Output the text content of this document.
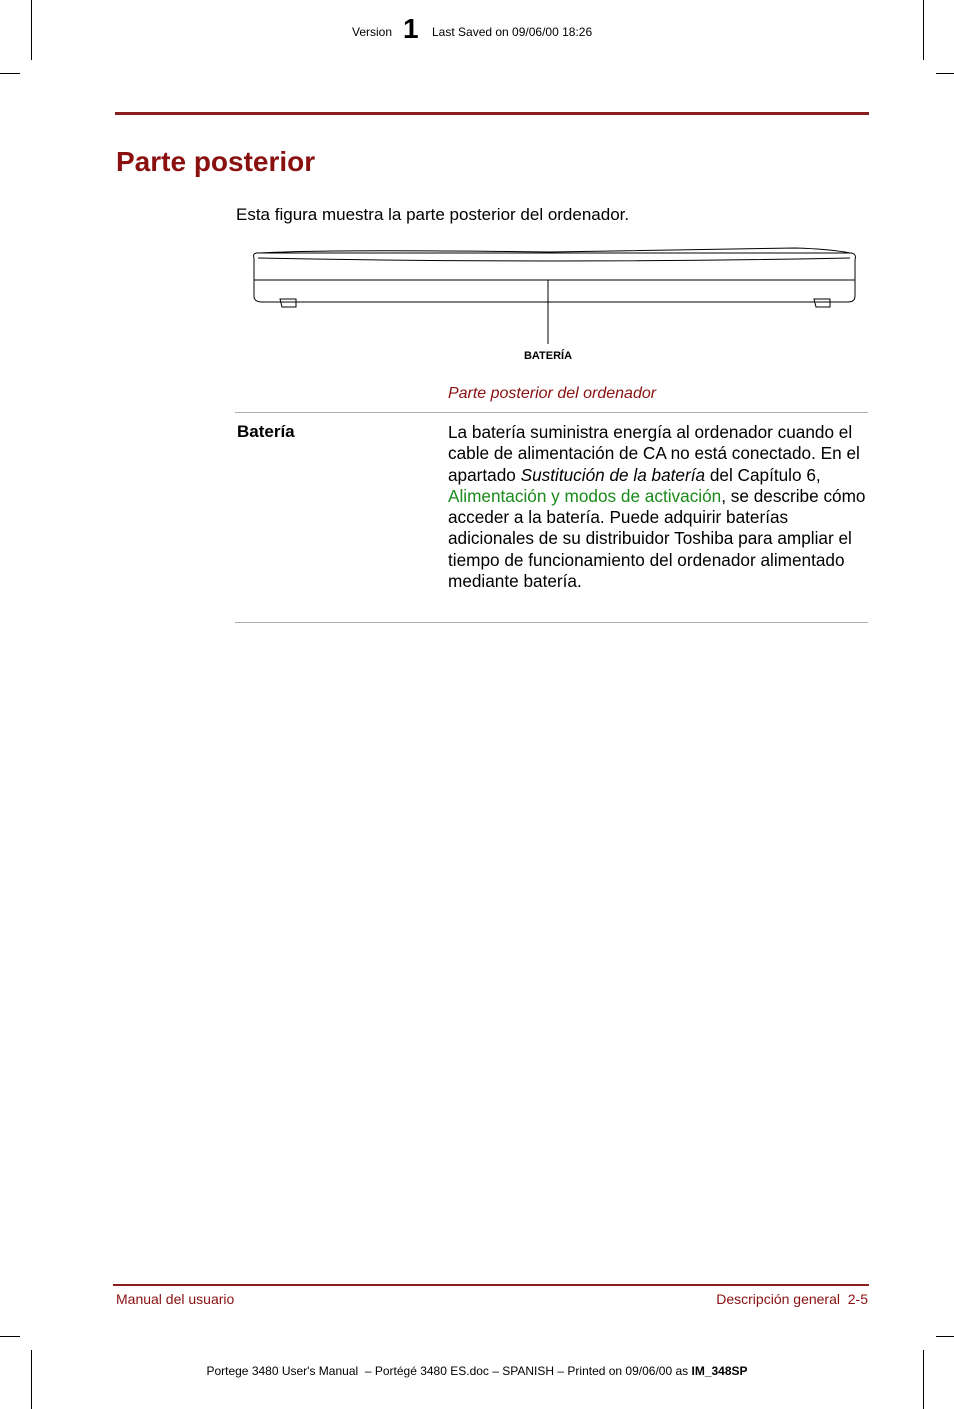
Version 1 Last Saved on 09/06/00 18:26
Parte posterior
Esta figura muestra la parte posterior del ordenador.
BATERÍA
Parte posterior del ordenador
Batería	La batería suministra energía al ordenador cuando el cable de alimentación de CA no está conectado. En el apartado Sustitución de la batería del Capítulo 6, Alimentación y modos de activación, se describe cómo acceder a la batería. Puede adquirir baterías adicionales de su distribuidor Toshiba para ampliar el tiempo de funcionamiento del ordenador alimentado mediante batería.
Manual del usuario	Descripción general  2-5
Portege 3480 User's Manual  – Portégé 3480 ES.doc – SPANISH – Printed on 09/06/00 as IM_348SP
